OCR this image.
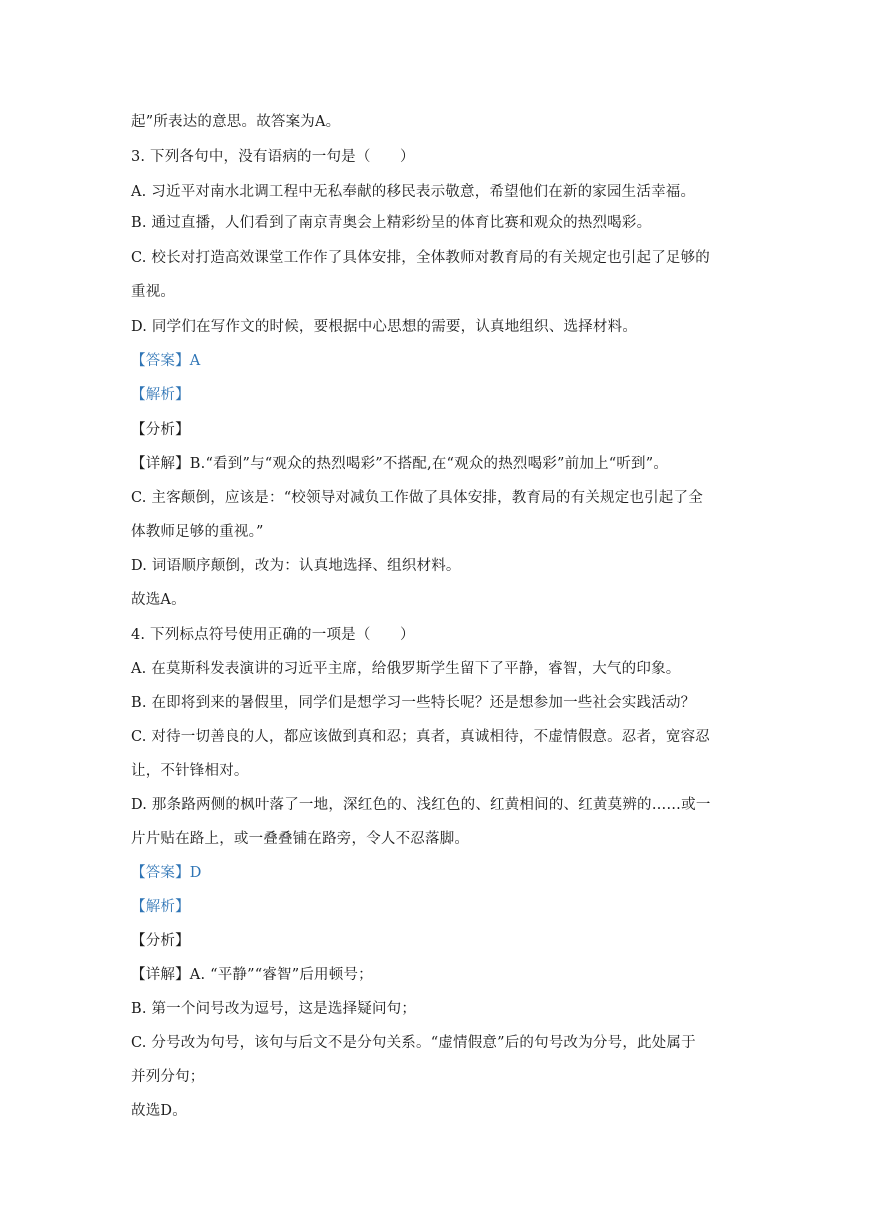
起”所表达的意思。故答案为A。
3. 下列各句中，没有语病的一句是（　　）
A. 习近平对南水北调工程中无私奉献的移民表示敬意，希望他们在新的家园生活幸福。
B. 通过直播，人们看到了南京青奥会上精彩纷呈的体育比赛和观众的热烈喝彩。
C. 校长对打造高效课堂工作作了具体安排，全体教师对教育局的有关规定也引起了足够的
重视。
D. 同学们在写作文的时候，要根据中心思想的需要，认真地组织、选择材料。
【答案】A
【解析】
【分析】
【详解】B.“看到”与“观众的热烈喝彩”不搭配,在“观众的热烈喝彩”前加上“听到”。
C. 主客颠倒，应该是：“校领导对减负工作做了具体安排，教育局的有关规定也引起了全
体教师足够的重视。”
D. 词语顺序颠倒，改为：认真地选择、组织材料。
故选A。
4. 下列标点符号使用正确的一项是（　　）
A. 在莫斯科发表演讲的习近平主席，给俄罗斯学生留下了平静，睿智，大气的印象。
B. 在即将到来的暑假里，同学们是想学习一些特长呢？还是想参加一些社会实践活动？
C. 对待一切善良的人，都应该做到真和忍；真者，真诚相待，不虚情假意。忍者，宽容忍
让，不针锋相对。
D. 那条路两侧的枫叶落了一地，深红色的、浅红色的、红黄相间的、红黄莫辨的……或一
片片贴在路上，或一叠叠铺在路旁，令人不忍落脚。
【答案】D
【解析】
【分析】
【详解】A. “平静”“睿智”后用顿号；
B. 第一个问号改为逗号，这是选择疑问句；
C. 分号改为句号，该句与后文不是分句关系。“虚情假意”后的句号改为分号，此处属于
并列分句；
故选D。
